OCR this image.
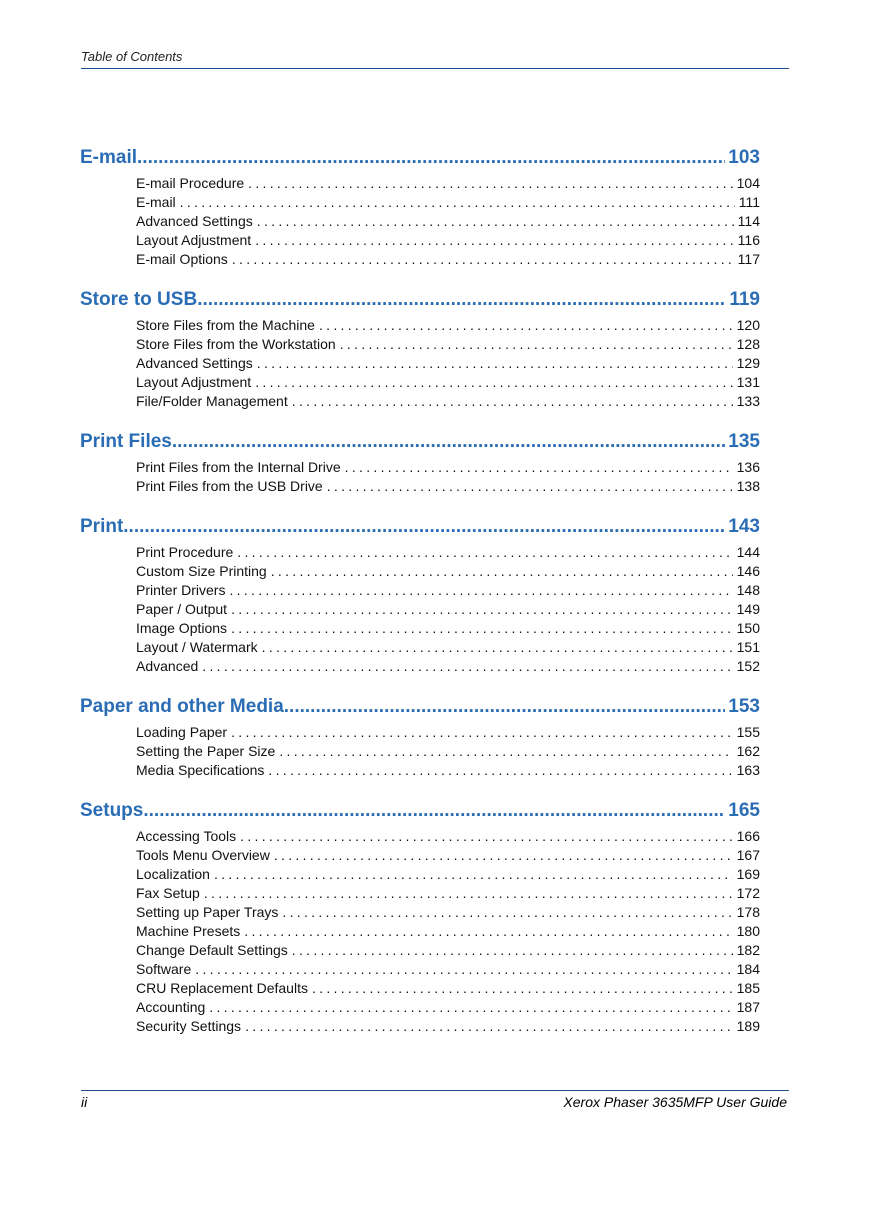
Table of Contents
E-mail .....	103
E-mail Procedure .....	104
E-mail .....	111
Advanced Settings .....	114
Layout Adjustment .....	116
E-mail Options .....	117
Store to USB .....	119
Store Files from the Machine .....	120
Store Files from the Workstation .....	128
Advanced Settings .....	129
Layout Adjustment .....	131
File/Folder Management .....	133
Print Files .....	135
Print Files from the Internal Drive .....	136
Print Files from the USB Drive .....	138
Print .....	143
Print Procedure .....	144
Custom Size Printing .....	146
Printer Drivers .....	148
Paper / Output .....	149
Image Options .....	150
Layout / Watermark .....	151
Advanced .....	152
Paper and other Media .....	153
Loading Paper .....	155
Setting the Paper Size .....	162
Media Specifications .....	163
Setups .....	165
Accessing Tools .....	166
Tools Menu Overview .....	167
Localization .....	169
Fax Setup .....	172
Setting up Paper Trays .....	178
Machine Presets .....	180
Change Default Settings .....	182
Software .....	184
CRU Replacement Defaults .....	185
Accounting .....	187
Security Settings .....	189
ii	Xerox Phaser 3635MFP User Guide
